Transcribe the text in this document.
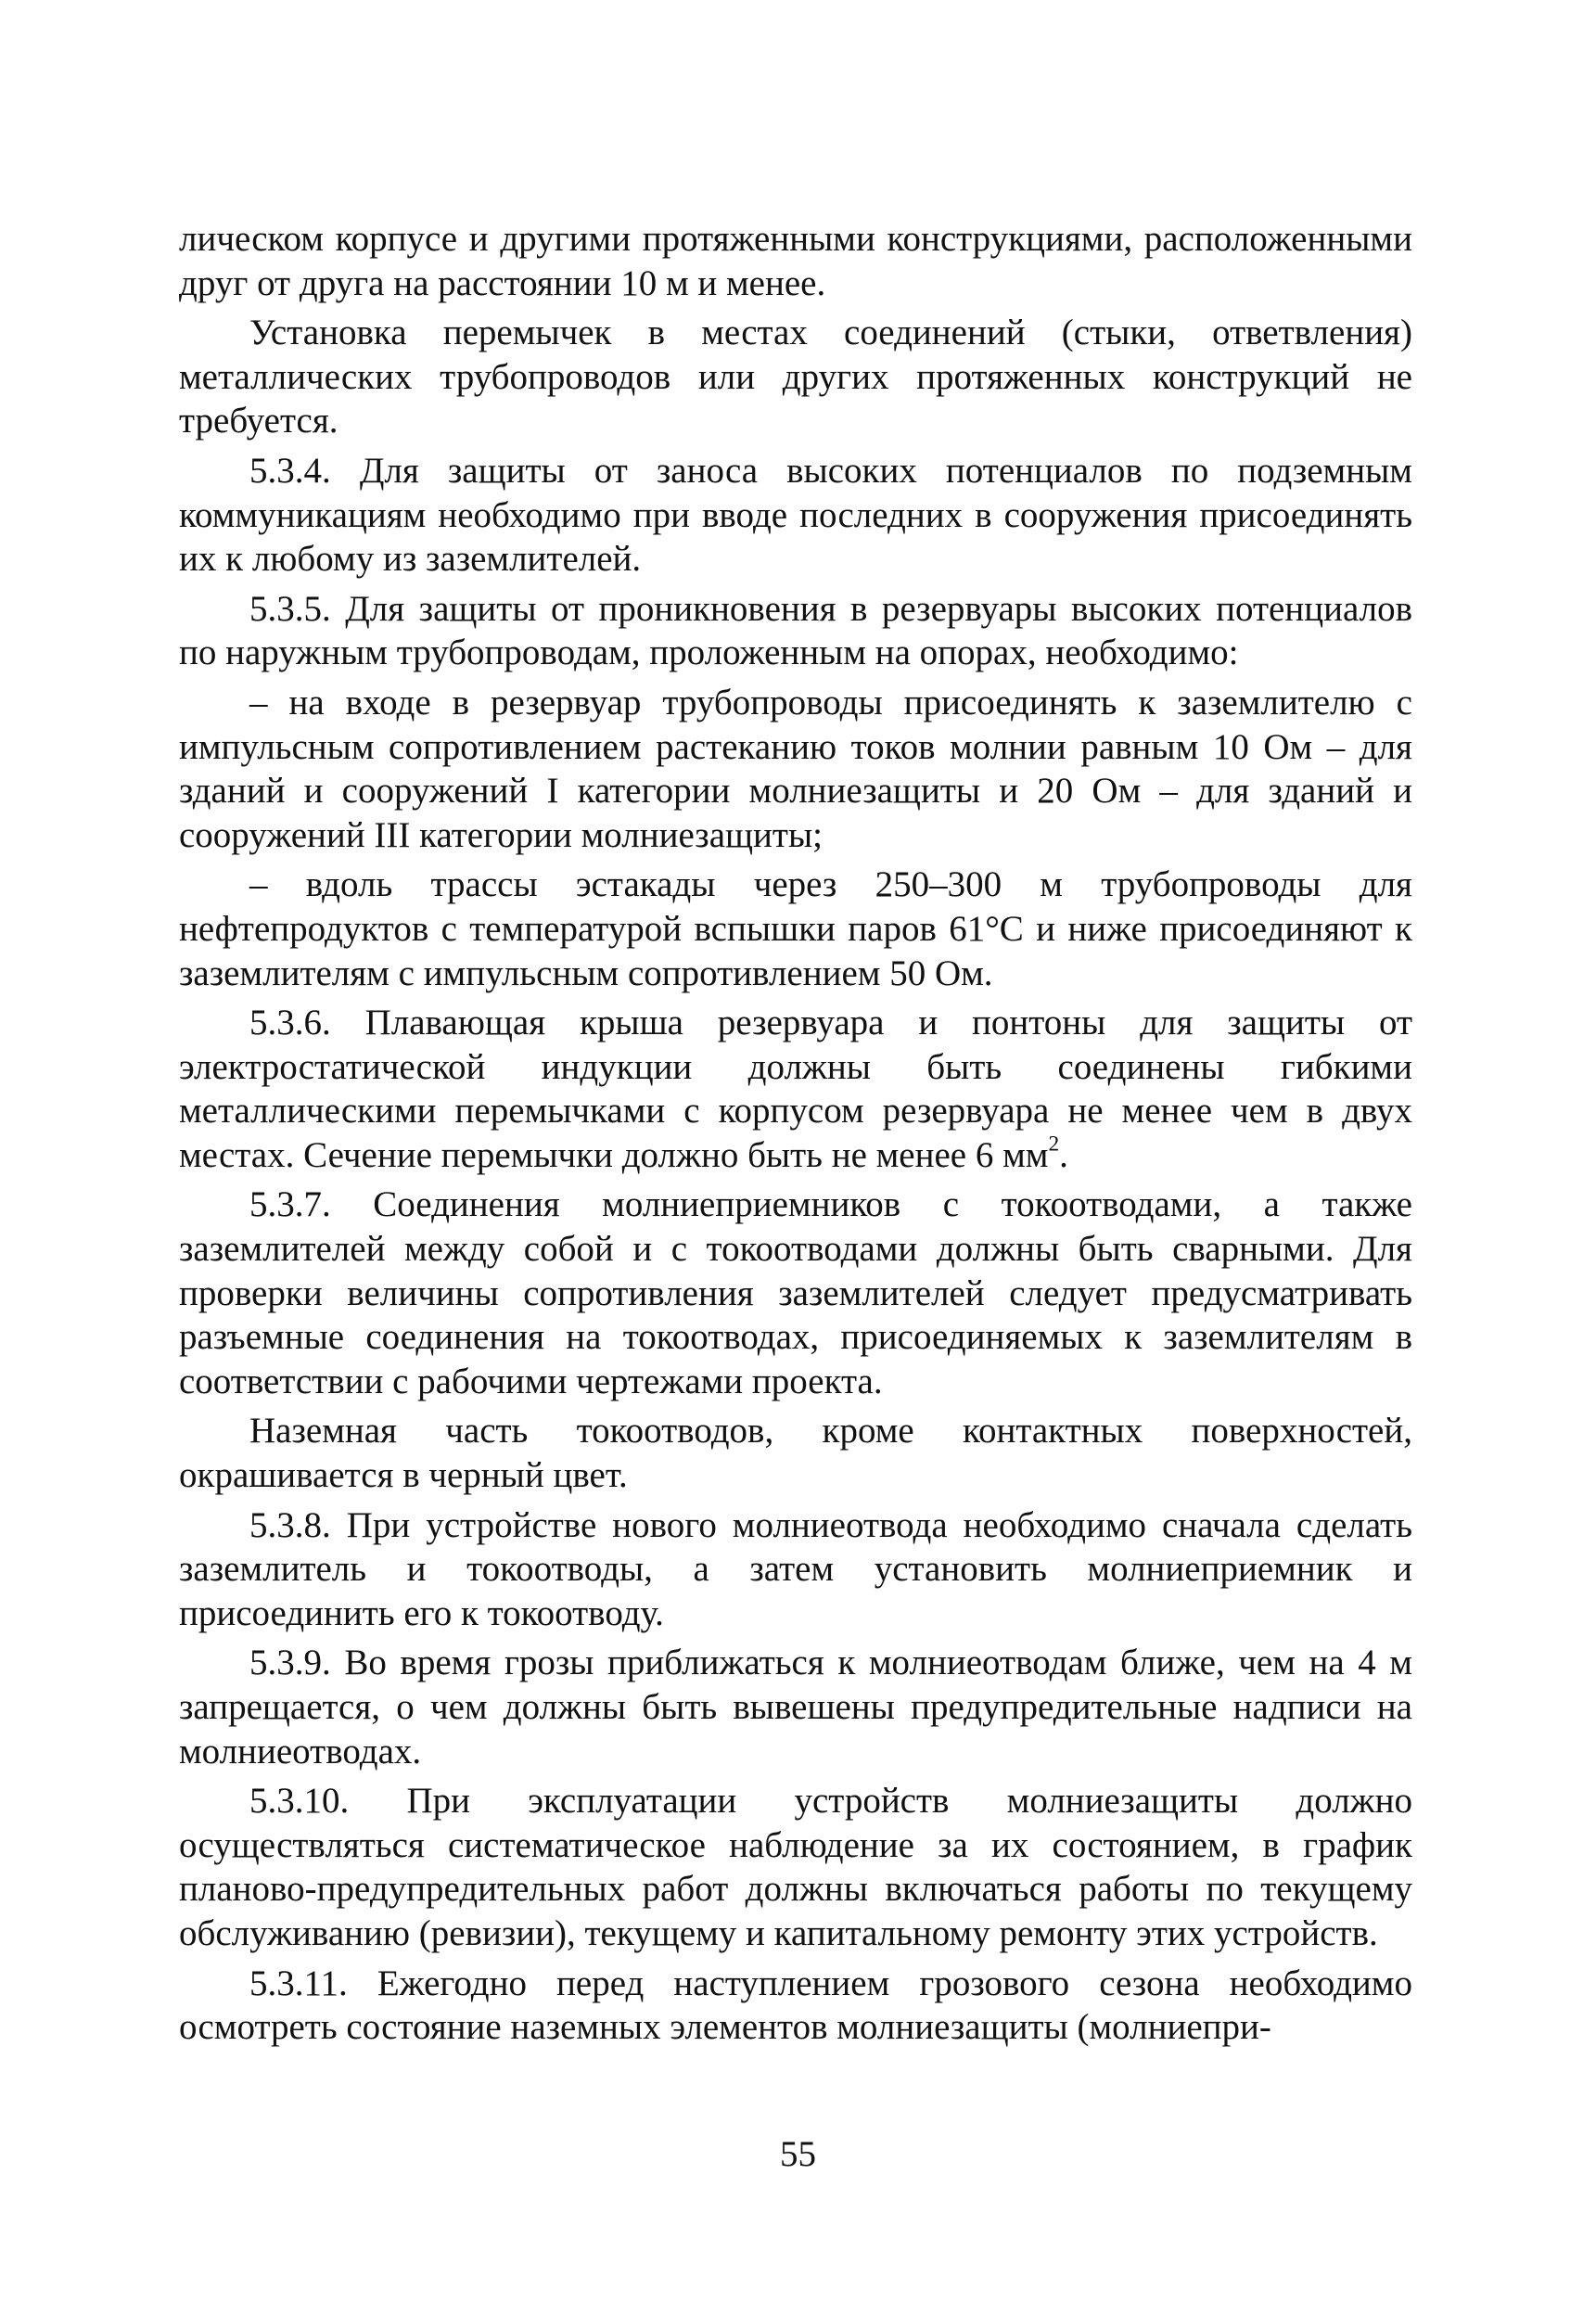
лическом корпусе и другими протяженными конструкциями, расположенными друг от друга на расстоянии 10 м и менее.

Установка перемычек в местах соединений (стыки, ответвления) металлических трубопроводов или других протяженных конструкций не требуется.

5.3.4. Для защиты от заноса высоких потенциалов по подземным коммуникациям необходимо при вводе последних в сооружения присоединять их к любому из заземлителей.

5.3.5. Для защиты от проникновения в резервуары высоких потенциалов по наружным трубопроводам, проложенным на опорах, необходимо:

– на входе в резервуар трубопроводы присоединять к заземлителю с импульсным сопротивлением растеканию токов молнии равным 10 Ом – для зданий и сооружений I категории молниезащиты и 20 Ом – для зданий и сооружений III категории молниезащиты;

– вдоль трассы эстакады через 250–300 м трубопроводы для нефтепродуктов с температурой вспышки паров 61°С и ниже присоединяют к заземлителям с импульсным сопротивлением 50 Ом.

5.3.6. Плавающая крыша резервуара и понтоны для защиты от электростатической индукции должны быть соединены гибкими металлическими перемычками с корпусом резервуара не менее чем в двух местах. Сечение перемычки должно быть не менее 6 $мм^2$.

5.3.7. Соединения молниеприемников с токоотводами, а также заземлителей между собой и с токоотводами должны быть сварными. Для проверки величины сопротивления заземлителей следует предусматривать разъемные соединения на токоотводах, присоединяемых к заземлителям в соответствии с рабочими чертежами проекта.

Наземная часть токоотводов, кроме контактных поверхностей, окрашивается в черный цвет.

5.3.8. При устройстве нового молниеотвода необходимо сначала сделать заземлитель и токоотводы, а затем установить молниеприемник и присоединить его к токоотводу.

5.3.9. Во время грозы приближаться к молниеотводам ближе, чем на 4 м запрещается, о чем должны быть вывешены предупредительные надписи на молниеотводах.

5.3.10. При эксплуатации устройств молниезащиты должно осуществляться систематическое наблюдение за их состоянием, в график планово-предупредительных работ должны включаться работы по текущему обслуживанию (ревизии), текущему и капитальному ремонту этих устройств.

5.3.11. Ежегодно перед наступлением грозового сезона необходимо осмотреть состояние наземных элементов молниезащиты (молниепри-

55
